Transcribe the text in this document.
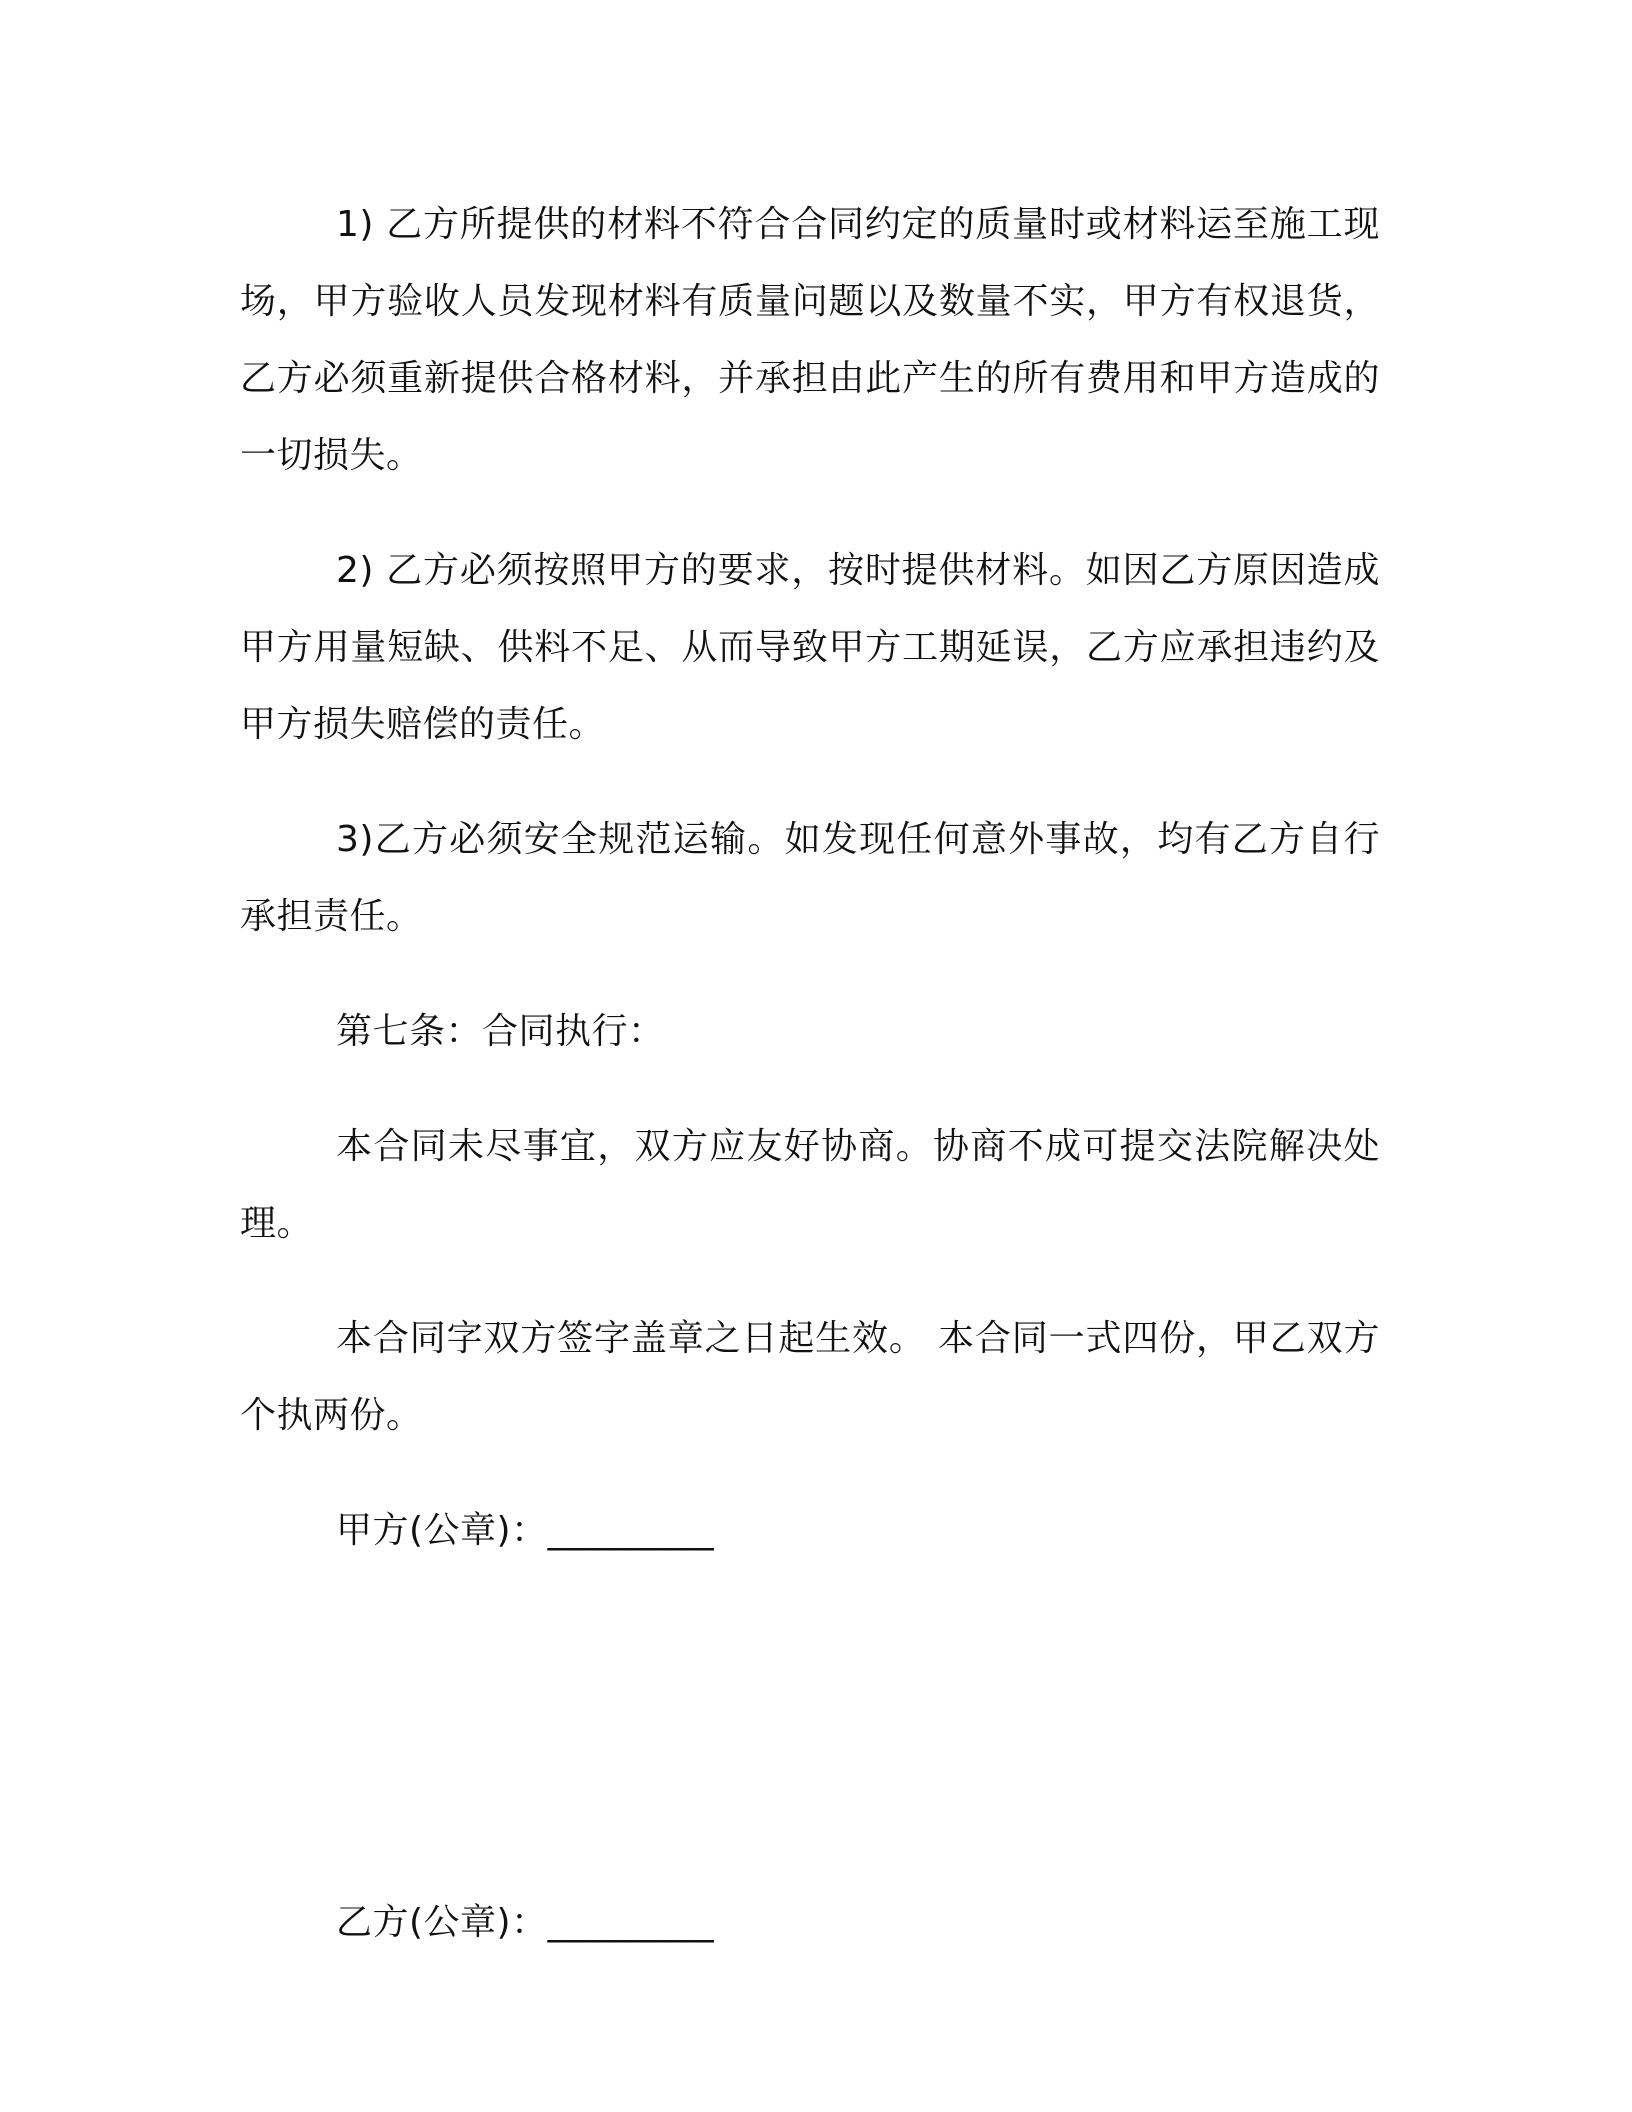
1) 乙方所提供的材料不符合合同约定的质量时或材料运至施工现场，甲方验收人员发现材料有质量问题以及数量不实，甲方有权退货，乙方必须重新提供合格材料，并承担由此产生的所有费用和甲方造成的一切损失。

2) 乙方必须按照甲方的要求，按时提供材料。如因乙方原因造成甲方用量短缺、供料不足、从而导致甲方工期延误，乙方应承担违约及甲方损失赔偿的责任。

3)乙方必须安全规范运输。如发现任何意外事故，均有乙方自行承担责任。

第七条：合同执行：

本合同未尽事宜，双方应友好协商。协商不成可提交法院解决处理。

本合同字双方签字盖章之日起生效。 本合同一式四份，甲乙双方个执两份。

甲方(公章)：_________
乙方(公章)：_________
